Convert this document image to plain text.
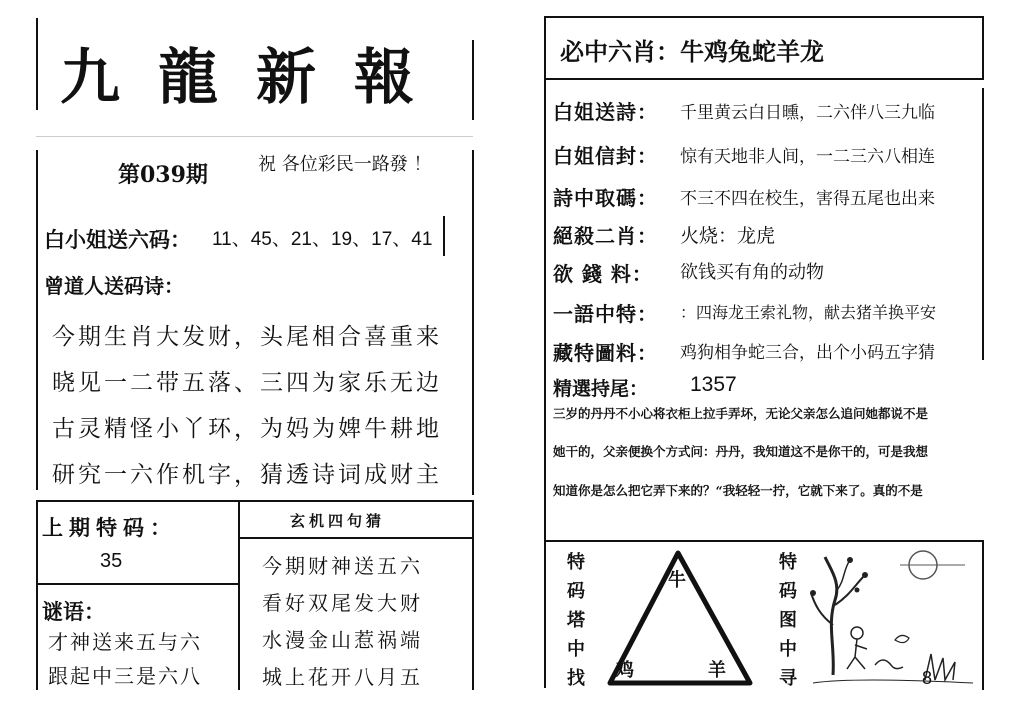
九龍新報
第039期	祝 各位彩民一路發 ！
白小姐送六码： 11、45、21、19、17、41
曾道人送码诗：
今期生肖大发财，头尾相合喜重来
晓见一二带五落、三四为家乐无边
古灵精怪小丫环，为妈为婢牛耕地
研究一六作机字，猜透诗词成财主
上期特码：
35
谜语：
才神送来五与六
跟起中三是六八
玄机四句猜
今期财神送五六
看好双尾发大财
水漫金山惹祸端
城上花开八月五
必中六肖：牛鸡兔蛇羊龙
白姐送詩： 千里黄云白日曛，二六伴八三九临
白姐信封： 惊有天地非人间，一二三六八相连
詩中取碼： 不三不四在校生，害得五尾也出来
絕殺二肖： 火烧：龙虎
欲 錢 料： 欲钱买有角的动物
一語中特： ：四海龙王索礼物，献去猪羊换平安
藏特圖料： 鸡狗相争蛇三合，出个小码五字猜
精選持尾： 1357
三岁的丹丹不小心将衣柜上拉手弄坏，无论父亲怎么追问她都说不是
她干的，父亲便换个方式问：丹丹，我知道这不是你干的，可是我想
知道你是怎么把它弄下来的？“我轻轻一拧，它就下来了。真的不是
特
码
塔
中
找
牛
鸡	羊
特
码
图
中
寻	8
